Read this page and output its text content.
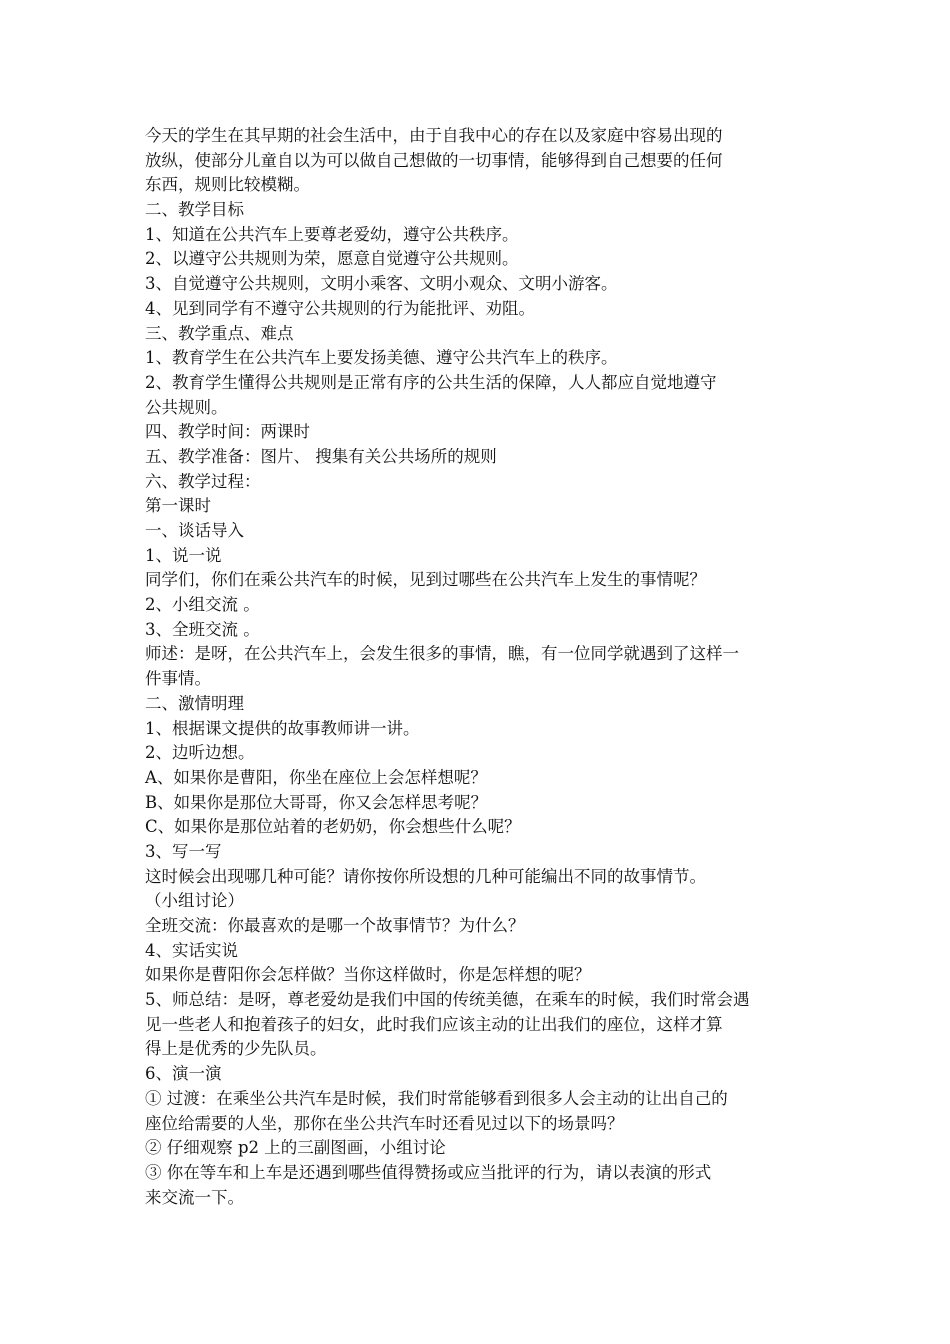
今天的学生在其早期的社会生活中，由于自我中心的存在以及家庭中容易出现的
放纵，使部分儿童自以为可以做自己想做的一切事情，能够得到自己想要的任何
东西，规则比较模糊。
二、教学目标
1、知道在公共汽车上要尊老爱幼，遵守公共秩序。
2、以遵守公共规则为荣，愿意自觉遵守公共规则。
3、自觉遵守公共规则，文明小乘客、文明小观众、文明小游客。
4、见到同学有不遵守公共规则的行为能批评、劝阻。
三、教学重点、难点
1、教育学生在公共汽车上要发扬美德、遵守公共汽车上的秩序。
2、教育学生懂得公共规则是正常有序的公共生活的保障，人人都应自觉地遵守
公共规则。
四、教学时间：两课时
五、教学准备：图片、 搜集有关公共场所的规则
六、教学过程：
第一课时
一、谈话导入
1、说一说
同学们，你们在乘公共汽车的时候，见到过哪些在公共汽车上发生的事情呢？
2、小组交流 。
3、全班交流 。
师述：是呀，在公共汽车上，会发生很多的事情，瞧，有一位同学就遇到了这样一
件事情。
二、激情明理
1、根据课文提供的故事教师讲一讲。
2、边听边想。
A、如果你是曹阳，你坐在座位上会怎样想呢？
B、如果你是那位大哥哥，你又会怎样思考呢？
C、如果你是那位站着的老奶奶，你会想些什么呢？
3、写一写
这时候会出现哪几种可能？请你按你所设想的几种可能编出不同的故事情节。
（小组讨论）
全班交流：你最喜欢的是哪一个故事情节？为什么？
4、实话实说
如果你是曹阳你会怎样做？当你这样做时，你是怎样想的呢？
5、师总结：是呀，尊老爱幼是我们中国的传统美德，在乘车的时候，我们时常会遇
见一些老人和抱着孩子的妇女，此时我们应该主动的让出我们的座位，这样才算
得上是优秀的少先队员。
6、演一演
① 过渡：在乘坐公共汽车是时候，我们时常能够看到很多人会主动的让出自己的
座位给需要的人坐，那你在坐公共汽车时还看见过以下的场景吗？
② 仔细观察 p2 上的三副图画，小组讨论
③ 你在等车和上车是还遇到哪些值得赞扬或应当批评的行为，请以表演的形式
来交流一下。
